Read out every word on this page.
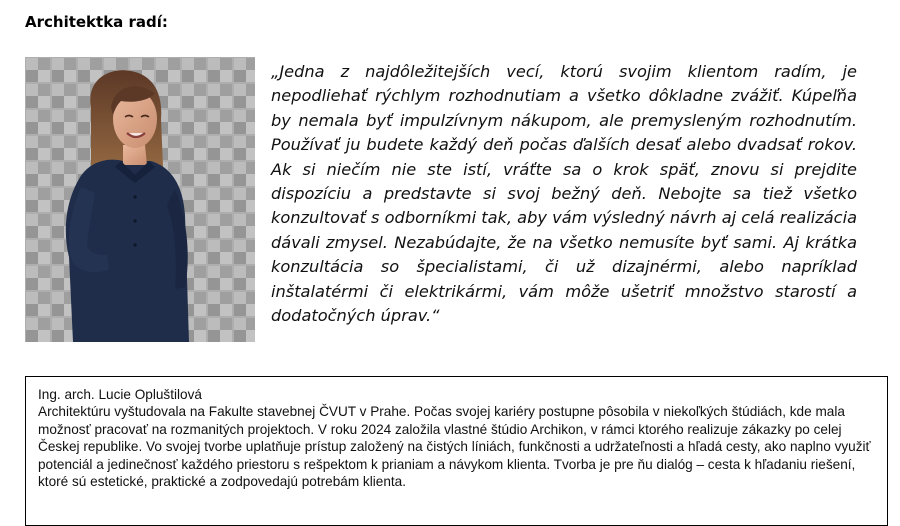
Architektka radí:
„Jedna z najdôležitejších vecí, ktorú svojim klientom radím, je nepodliehať rýchlym rozhodnutiam a všetko dôkladne zvážiť. Kúpeľňa by nemala byť impulzívnym nákupom, ale premysleným rozhodnutím. Používať ju budete každý deň počas ďalších desať alebo dvadsať rokov. Ak si niečím nie ste istí, vráťte sa o krok späť, znovu si prejdite dispozíciu a predstavte si svoj bežný deň. Nebojte sa tiež všetko konzultovať s odborníkmi tak, aby vám výsledný návrh aj celá realizácia dávali zmysel. Nezabúdajte, že na všetko nemusíte byť sami. Aj krátka konzultácia so špecialistami, či už dizajnérmi, alebo napríklad inštalatérmi či elektrikármi, vám môže ušetriť množstvo starostí a dodatočných úprav.“
Ing. arch. Lucie Opluštilová
Architektúru vyštudovala na Fakulte stavebnej ČVUT v Prahe. Počas svojej kariéry postupne pôsobila v niekoľkých štúdiách, kde mala možnosť pracovať na rozmanitých projektoch. V roku 2024 založila vlastné štúdio Archikon, v rámci ktorého realizuje zákazky po celej Českej republike. Vo svojej tvorbe uplatňuje prístup založený na čistých líniách, funkčnosti a udržateľnosti a hľadá cesty, ako naplno využiť potenciál a jedinečnosť každého priestoru s rešpektom k prianiam a návykom klienta. Tvorba je pre ňu dialóg – cesta k hľadaniu riešení, ktoré sú estetické, praktické a zodpovedajú potrebám klienta.
